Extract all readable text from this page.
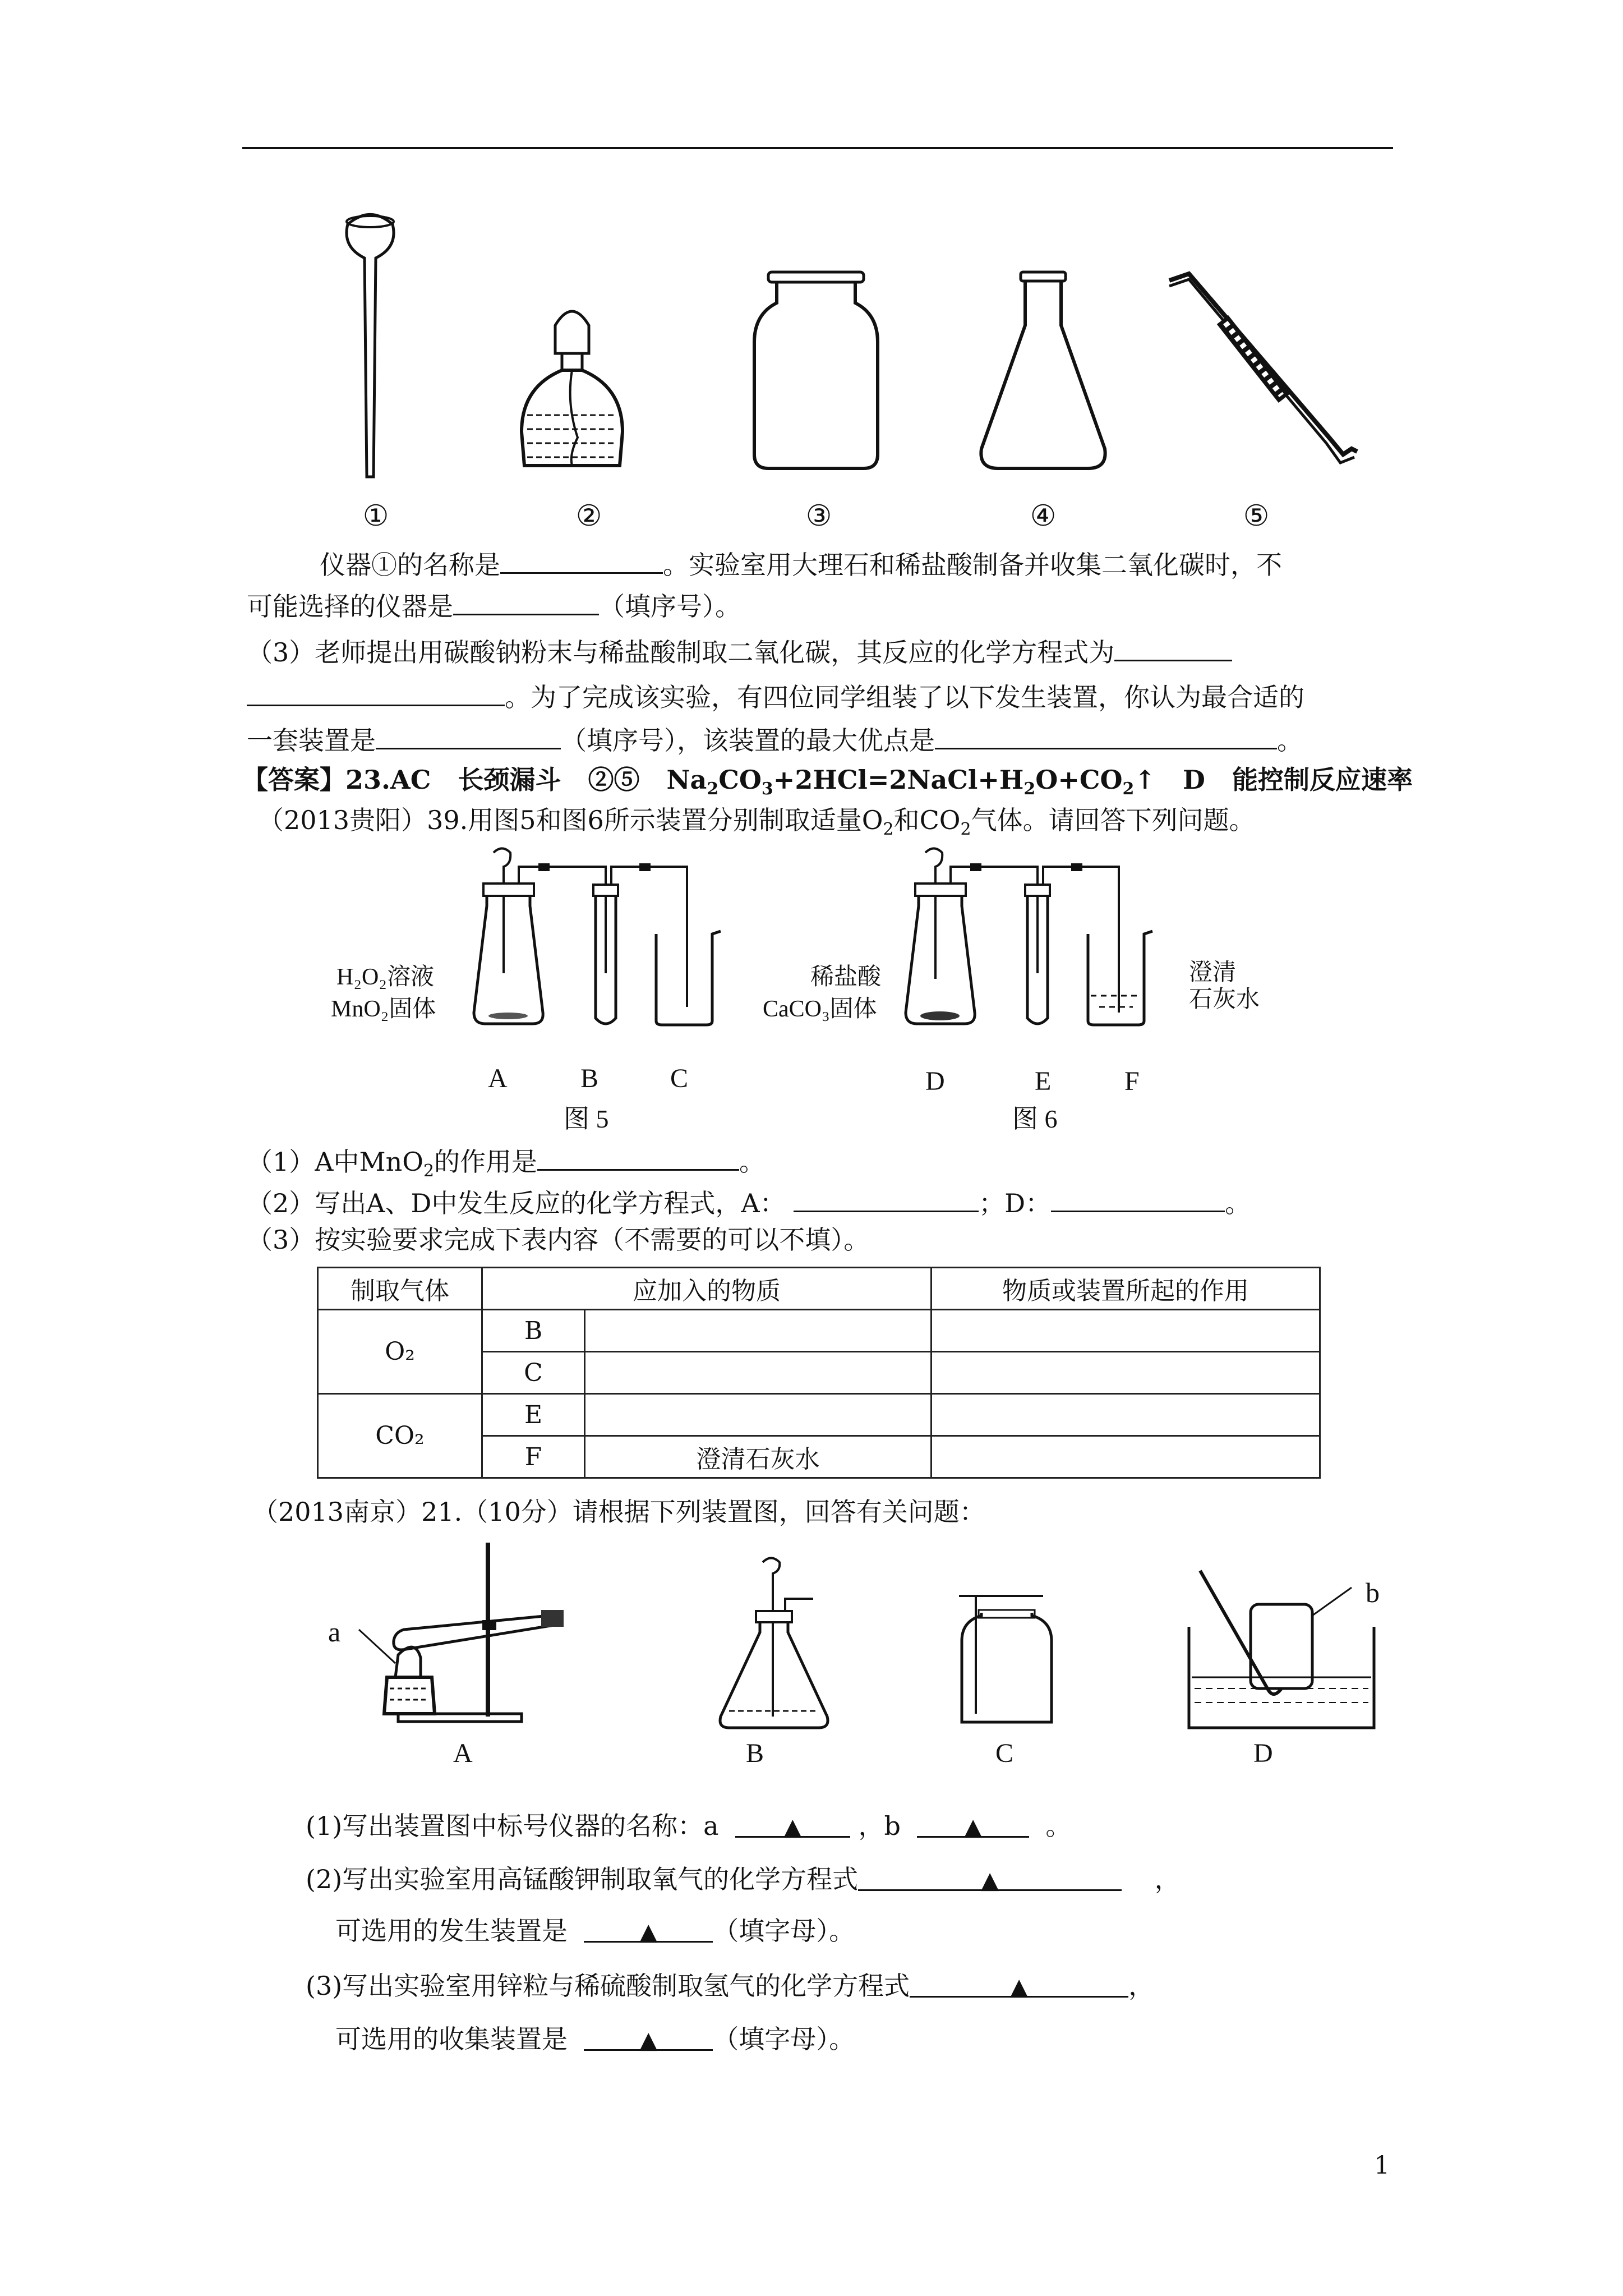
①	②	③	④	⑤
仪器①的名称是	。实验室用大理石和稀盐酸制备并收集二氧化碳时，不
可能选择的仪器是	（填序号）。
（3）老师提出用碳酸钠粉末与稀盐酸制取二氧化碳，其反应的化学方程式为
。为了完成该实验，有四位同学组装了以下发生装置，你认为最合适的
一套装置是	（填序号），该装置的最大优点是	。
【答案】23.AC 长颈漏斗 ②⑤ $Na_2CO_3+2HCl=2NaCl+H_2O+CO_2↑$ D 能控制反应速率
（2013贵阳）39.用图5和图6所示装置分别制取适量$O_2$和$CO_2$气体。请回答下列问题。
H₂O₂溶液
MnO₂固体
稀盐酸
CaCO₃固体
澄清
石灰水
A	B	C
图 5
D	E	F
图 6
（1）A中MnO$_2$的作用是	。
（2）写出A、D中发生反应的化学方程式，A：	；D：	。
（3）按实验要求完成下表内容（不需要的可以不填）。
制取气体	应加入的物质		物质或装置所起的作用
O₂	B		
	C		
CO₂	E		
	F	澄清石灰水	
（2013南京）21.（10分）请根据下列装置图，回答有关问题：
a
b
A	B	C	D
(1)写出装置图中标号仪器的名称：a	▲ ，b	▲ 。
(2)写出实验室用高锰酸钾制取氧气的化学方程式	▲	，
可选用的发生装置是	▲ （填字母）。
(3)写出实验室用锌粒与稀硫酸制取氢气的化学方程式	▲	，
可选用的收集装置是	▲ （填字母）。
1
